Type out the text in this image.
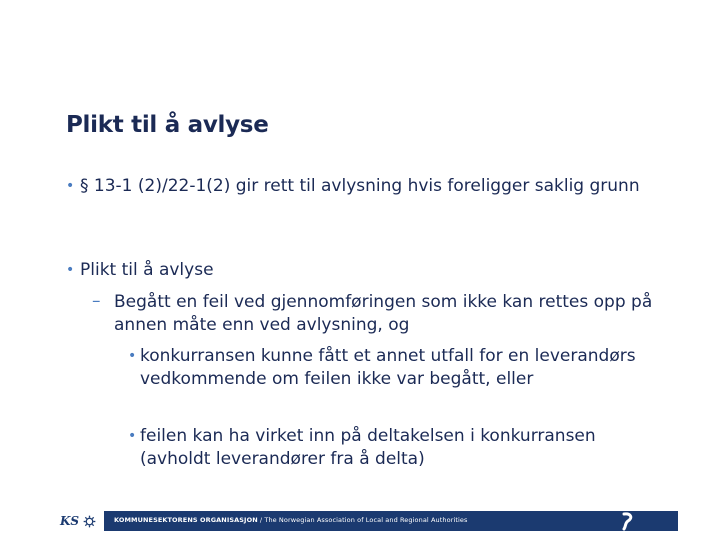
Plikt til å avlyse
• § 13-1 (2)/22-1(2) gir rett til avlysning hvis foreligger saklig grunn
• Plikt til å avlyse
– Begått en feil ved gjennomføringen som ikke kan rettes opp på annen måte enn ved avlysning, og
• konkurransen kunne fått et annet utfall for en leverandørs vedkommende om feilen ikke var begått, eller
• feilen kan ha virket inn på deltakelsen i konkurransen (avholdt leverandører fra å delta)
KS	KOMMUNESEKTORENS ORGANISASJON / The Norwegian Association of Local and Regional Authorities
